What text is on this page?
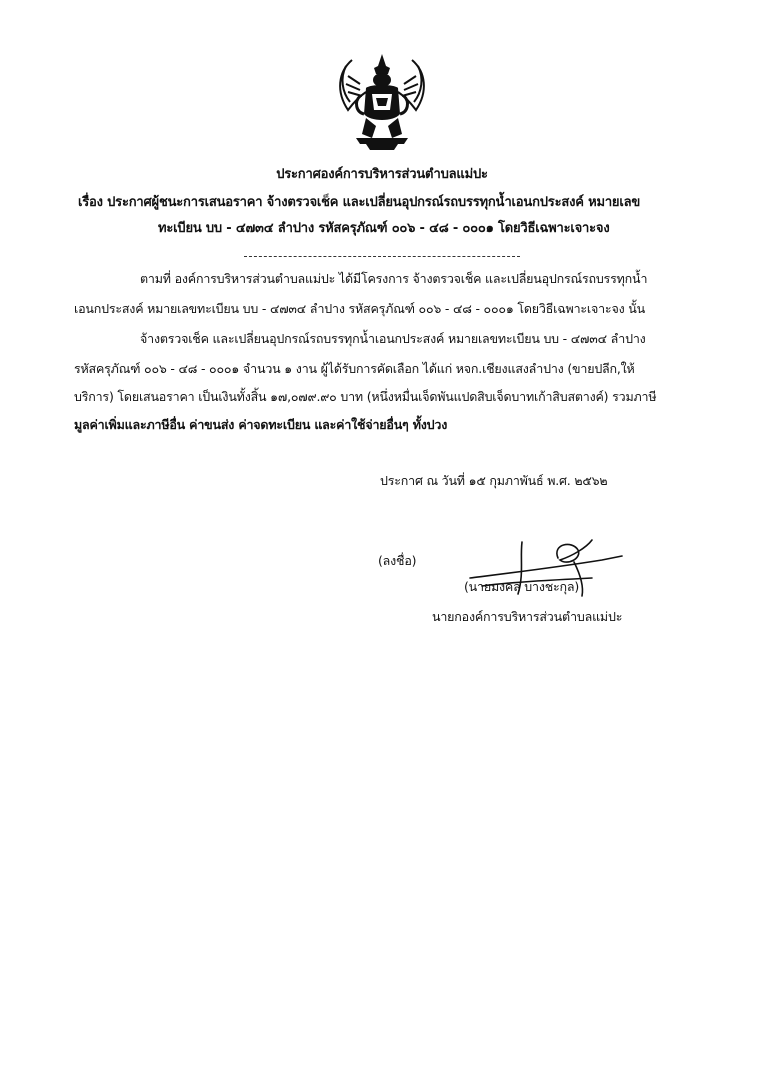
ประกาศองค์การบริหารส่วนตำบลแม่ปะ
เรื่อง ประกาศผู้ชนะการเสนอราคา จ้างตรวจเช็ค และเปลี่ยนอุปกรณ์รถบรรทุกน้ำเอนกประสงค์ หมายเลข
ทะเบียน บบ - ๔๗๓๔ ลำปาง รหัสครุภัณฑ์ ๐๐๖ - ๔๘ - ๐๐๐๑ โดยวิธีเฉพาะเจาะจง
ตามที่ องค์การบริหารส่วนตำบลแม่ปะ ได้มีโครงการ จ้างตรวจเช็ค และเปลี่ยนอุปกรณ์รถบรรทุกน้ำ
เอนกประสงค์ หมายเลขทะเบียน บบ - ๔๗๓๔ ลำปาง รหัสครุภัณฑ์ ๐๐๖ - ๔๘ - ๐๐๐๑ โดยวิธีเฉพาะเจาะจง นั้น
จ้างตรวจเช็ค และเปลี่ยนอุปกรณ์รถบรรทุกน้ำเอนกประสงค์ หมายเลขทะเบียน บบ - ๔๗๓๔ ลำปาง
รหัสครุภัณฑ์ ๐๐๖ - ๔๘ - ๐๐๐๑ จำนวน ๑ งาน ผู้ได้รับการคัดเลือก ได้แก่ หจก.เชียงแสงลำปาง (ขายปลีก,ให้
บริการ) โดยเสนอราคา เป็นเงินทั้งสิ้น ๑๗,๐๗๙.๙๐ บาท (หนึ่งหมื่นเจ็ดพันแปดสิบเจ็ดบาทเก้าสิบสตางค์) รวมภาษี
มูลค่าเพิ่มและภาษีอื่น ค่าขนส่ง ค่าจดทะเบียน และค่าใช้จ่ายอื่นๆ ทั้งปวง
ประกาศ ณ วันที่ ๑๕ กุมภาพันธ์ พ.ศ. ๒๕๖๒
(ลงชื่อ)
(นายมงคล บางชะกุล)
นายกองค์การบริหารส่วนตำบลแม่ปะ
